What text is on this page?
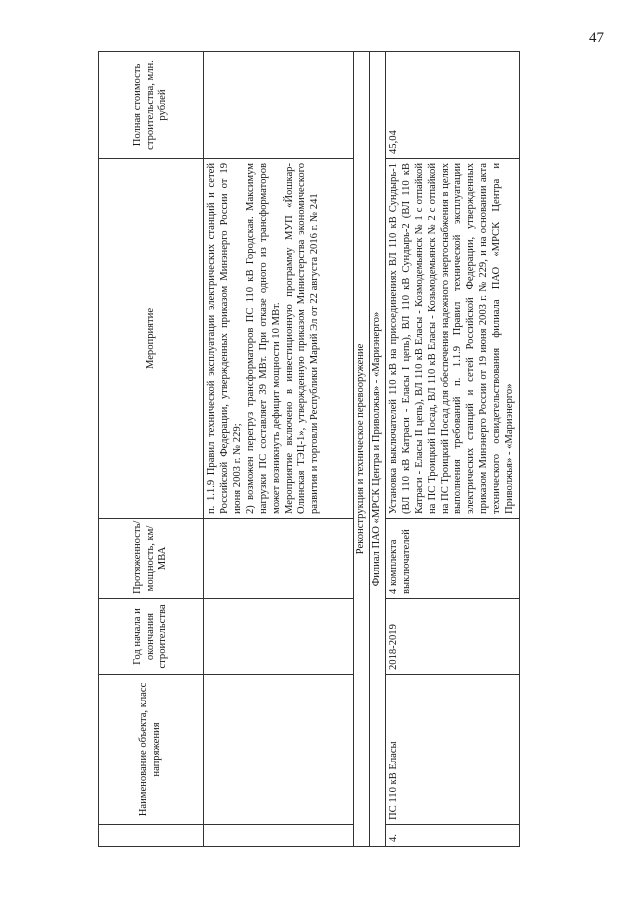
47
	Наименование объекта, класс напряжения	Год начала и окончания строительства	Протяженность/ мощность, км/МВА	Мероприятие	Полная стоимость строительства, млн. рублей

				п. 1.1.9 Правил технической эксплуатации электрических станций и сетей Российской Федерации, утвержденных приказом Минэнерго России от 19 июня 2003 г. № 229; 2) возможен перегруз трансформаторов ПС 110 кВ Городская. Максимум нагрузки ПС составляет 39 МВт. При отказе одного из трансформаторов может возникнуть дефицит мощности 10 МВт. Мероприятие включено в инвестиционную программу МУП «Йошкар-Олинская ТЭЦ-1», утвержденную приказом Министерства экономического развития и торговли Республики Марий Эл от 22 августа 2016 г. № 241	

Реконструкция и техническое перевооружение					
Филиал ПАО «МРСК Центра и Приволжья» - «Мариэнерго»					
4.	ПС 110 кВ Еласы	2018-2019	4 комплекта выключателей	Установка выключателей 110 кВ на присоединениях ВЛ 110 кВ Сундырь-1 (ВЛ 110 кВ Катраси - Еласы I цепь), ВЛ 110 кВ Сундырь-2 (ВЛ 110 кВ Катраси - Еласы II цепь), ВЛ 110 кВ Еласы - Козмодемьянск № 1 с отпайкой на ПС Троицкий Посад, ВЛ 110 кВ Еласы - Козьмодемьянск № 2 с отпайкой на ПС Троицкий Посад для обеспечения надежного энергоснабжения в целях выполнения требований п. 1.1.9 Правил технической эксплуатации электрических станций и сетей Российской Федерации, утвержденных приказом Минэнерго России от 19 июня 2003 г. № 229, и на основании акта технического освидетельствования филиала ПАО «МРСК Центра и Приволжья» - «Мариэнерго»	45,04
